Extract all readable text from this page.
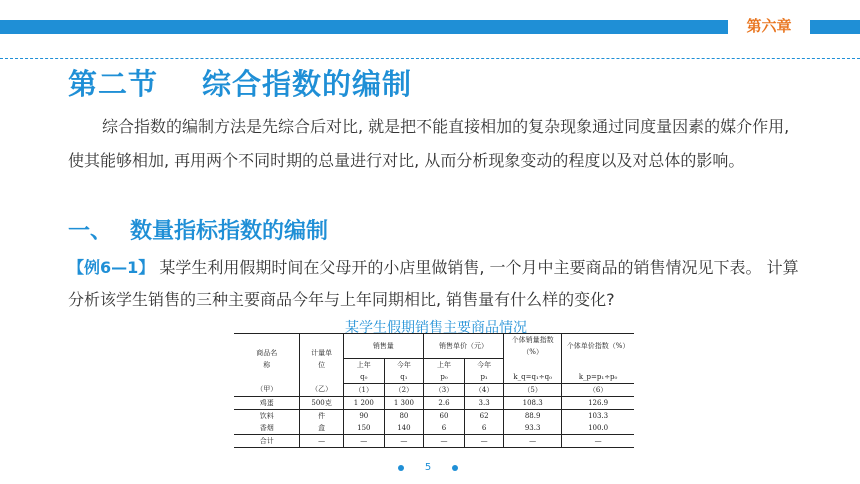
第六章
第二节 综合指数的编制
综合指数的编制方法是先综合后对比, 就是把不能直接相加的复杂现象通过同度量因素的媒介作用, 使其能够相加, 再用两个不同时期的总量进行对比, 从而分析现象变动的程度以及对总体的影响。
一、 数量指标指数的编制
【例6—1】 某学生利用假期时间在父母开的小店里做销售, 一个月中主要商品的销售情况见下表。 计算分析该学生销售的三种主要商品今年与上年同期相比, 销售量有什么样的变化?
某学生假期销售主要商品情况
商品名称	计量单位	销售量		销售单价（元）		个体销量指数（%）	个体单价指数（%）
		上年	今年	上年	今年		
		q₀	q₁	p₀	p₁	k_q=q₁÷q₀	k_p=p₁÷p₀
（甲）	（乙）	（1）	（2）	（3）	（4）	（5）	（6）
鸡蛋	500克	1 200	1 300	2.6	3.3	108.3	126.9
饮料	件	90	80	60	62	88.9	103.3
香烟	盒	150	140	6	6	93.3	100.0
合计	—	—	—	—	—	—	—
5
